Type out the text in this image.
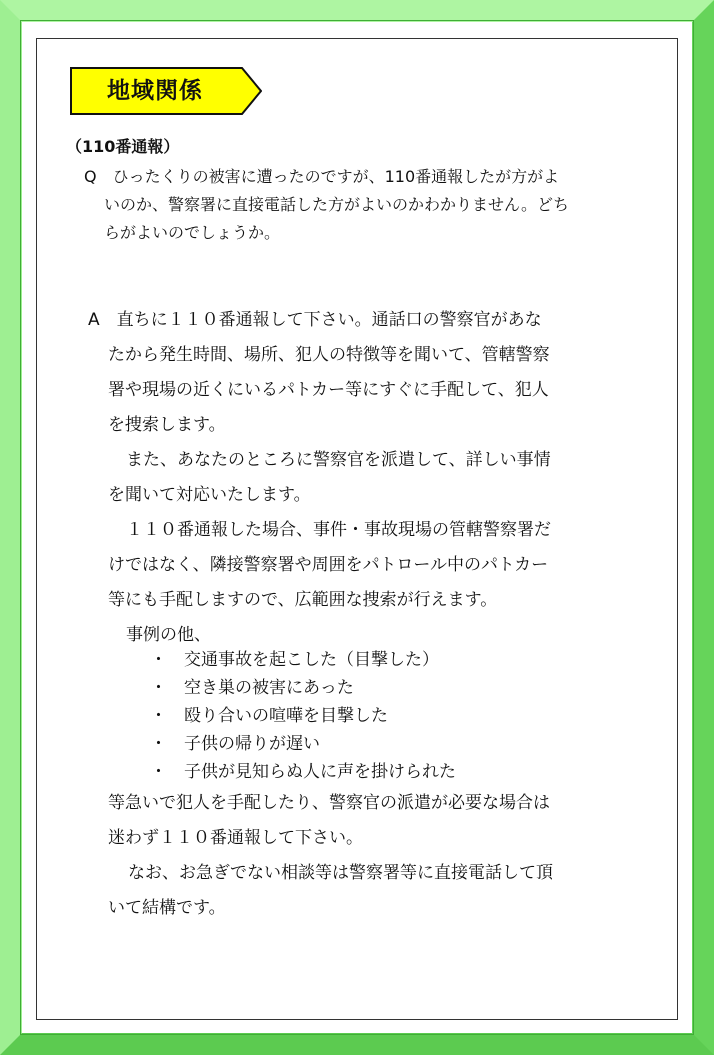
地域関係
（110番通報）
Q　ひったくりの被害に遭ったのですが、110番通報したが方がよ
いのか、警察署に直接電話した方がよいのかわかりません。どち
らがよいのでしょうか。
A　直ちに１１０番通報して下さい。通話口の警察官があな
たから発生時間、場所、犯人の特徴等を聞いて、管轄警察
署や現場の近くにいるパトカー等にすぐに手配して、犯人
を捜索します。
また、あなたのところに警察官を派遣して、詳しい事情
を聞いて対応いたします。
１１０番通報した場合、事件・事故現場の管轄警察署だ
けではなく、隣接警察署や周囲をパトロール中のパトカー
等にも手配しますので、広範囲な捜索が行えます。
事例の他、
・	交通事故を起こした（目撃した）
・	空き巣の被害にあった
・	殴り合いの喧嘩を目撃した
・	子供の帰りが遅い
・	子供が見知らぬ人に声を掛けられた
等急いで犯人を手配したり、警察官の派遣が必要な場合は
迷わず１１０番通報して下さい。
なお、お急ぎでない相談等は警察署等に直接電話して頂
いて結構です。
